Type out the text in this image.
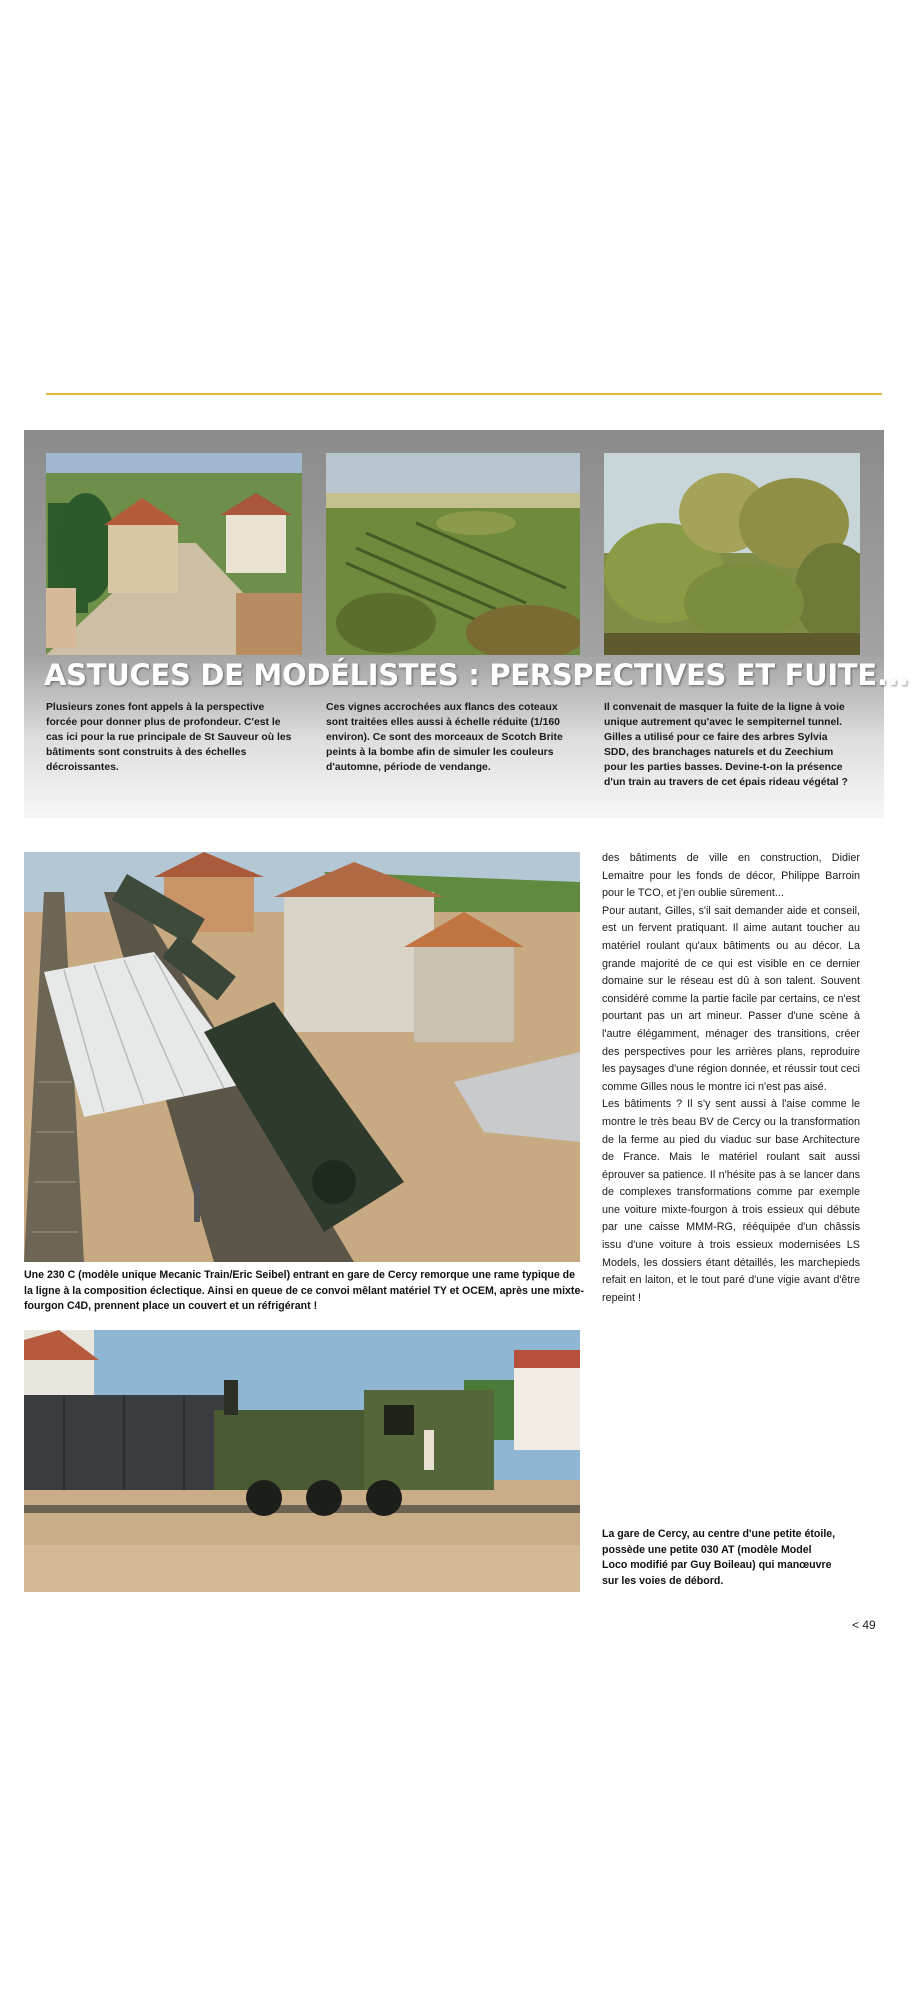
ASTUCES DE MODÉLISTES : PERSPECTIVES ET FUITE...
Plusieurs zones font appels à la perspective forcée pour donner plus de profondeur. C'est le cas ici pour la rue principale de St Sauveur où les bâtiments sont construits à des échelles décroissantes.
Ces vignes accrochées aux flancs des coteaux sont traitées elles aussi à échelle réduite (1/160 environ). Ce sont des morceaux de Scotch Brite peints à la bombe afin de simuler les couleurs d'automne, période de vendange.
Il convenait de masquer la fuite de la ligne à voie unique autrement qu'avec le sempiternel tunnel. Gilles a utilisé pour ce faire des arbres Sylvia SDD, des branchages naturels et du Zeechium pour les parties basses. Devine-t-on la présence d'un train au travers de cet épais rideau végétal ?
Une 230 C (modèle unique Mecanic Train/Eric Seibel) entrant en gare de Cercy remorque une rame typique de la ligne à la composition éclectique. Ainsi en queue de ce convoi mêlant matériel TY et OCEM, après une mixte-fourgon C4D, prennent place un couvert et un réfrigérant !

des bâtiments de ville en construction, Didier Lemaitre pour les fonds de décor, Philippe Barroin pour le TCO, et j'en oublie sûrement...

Pour autant, Gilles, s'il sait demander aide et conseil, est un fervent pratiquant. Il aime autant toucher au matériel roulant qu'aux bâtiments ou au décor. La grande majorité de ce qui est visible en ce dernier domaine sur le réseau est dû à son talent. Souvent considéré comme la partie facile par certains, ce n'est pourtant pas un art mineur. Passer d'une scène à l'autre élégamment, ménager des transitions, créer des perspectives pour les arrières plans, reproduire les paysages d'une région donnée, et réussir tout ceci comme Gilles nous le montre ici n'est pas aisé.

Les bâtiments ? Il s'y sent aussi à l'aise comme le montre le très beau BV de Cercy ou la transformation de la ferme au pied du viaduc sur base Architecture de France. Mais le matériel roulant sait aussi éprouver sa patience. Il n'hésite pas à se lancer dans de complexes transformations comme par exemple une voiture mixte-fourgon à trois essieux qui débute par une caisse MMM-RG, rééquipée d'un châssis issu d'une voiture à trois essieux modernisées LS Models, les dossiers étant détaillés, les marchepieds refait en laiton, et le tout paré d'une vigie avant d'être repeint !

La gare de Cercy, au centre d'une petite étoile, possède une petite 030 AT (modèle Model Loco modifié par Guy Boileau) qui manœuvre sur les voies de débord.
< 49
